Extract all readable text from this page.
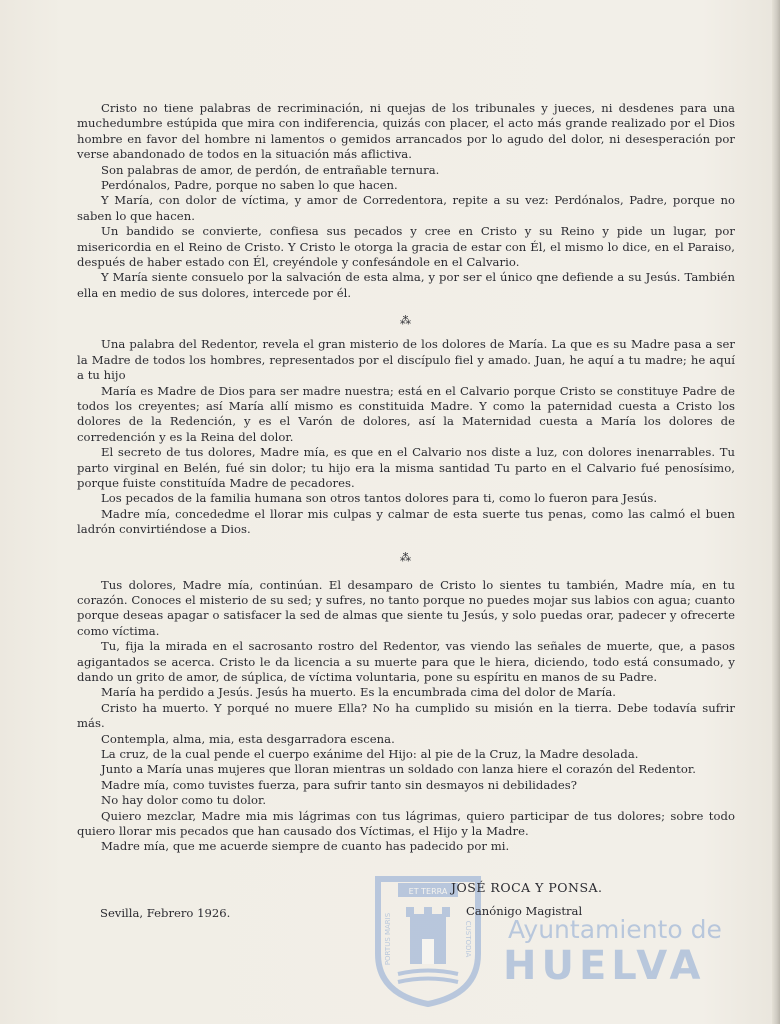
Cristo no tiene palabras de recriminación, ni quejas de los tribunales y jueces, ni desdenes para una muchedumbre estúpida que mira con indiferencia, quizás con placer, el acto más grande realizado por el Dios hombre en favor del hombre ni lamentos o gemidos arrancados por lo agudo del dolor, ni desesperación por verse abandonado de todos en la situación más aflictiva.

Son palabras de amor, de perdón, de entrañable ternura.

Perdónalos, Padre, porque no saben lo que hacen.

Y María, con dolor de víctima, y amor de Corredentora, repite a su vez: Perdónalos, Padre, porque no saben lo que hacen.

Un bandido se convierte, confiesa sus pecados y cree en Cristo y su Reino y pide un lugar, por misericordia en el Reino de Cristo. Y Cristo le otorga la gracia de estar con Él, el mismo lo dice, en el Paraiso, después de haber estado con Él, creyéndole y confesándole en el Calvario.

Y María siente consuelo por la salvación de esta alma, y por ser el único qne defiende a su Jesús. También ella en medio de sus dolores, intercede por él.

⁂

Una palabra del Redentor, revela el gran misterio de los dolores de María. La que es su Madre pasa a ser la Madre de todos los hombres, representados por el discípulo fiel y amado. Juan, he aquí a tu madre; he aquí a tu hijo

María es Madre de Dios para ser madre nuestra; está en el Calvario porque Cristo se constituye Padre de todos los creyentes; así María allí mismo es constituida Madre. Y como la paternidad cuesta a Cristo los dolores de la Redención, y es el Varón de dolores, así la Maternidad cuesta a María los dolores de corredención y es la Reina del dolor.

El secreto de tus dolores, Madre mía, es que en el Calvario nos diste a luz, con dolores inenarrables. Tu parto virginal en Belén, fué sin dolor; tu hijo era la misma santidad Tu parto en el Calvario fué penosísimo, porque fuiste constituída Madre de pecadores.

Los pecados de la familia humana son otros tantos dolores para ti, como lo fueron para Jesús.

Madre mía, concededme el llorar mis culpas y calmar de esta suerte tus penas, como las calmó el buen ladrón convirtiéndose a Dios.

⁂

Tus dolores, Madre mía, continúan. El desamparo de Cristo lo sientes tu también, Madre mía, en tu corazón. Conoces el misterio de su sed; y sufres, no tanto porque no puedes mojar sus labios con agua; cuanto porque deseas apagar o satisfacer la sed de almas que siente tu Jesús, y solo puedas orar, padecer y ofrecerte como víctima.

Tu, fija la mirada en el sacrosanto rostro del Redentor, vas viendo las señales de muerte, que, a pasos agigantados se acerca. Cristo le da licencia a su muerte para que le hiera, diciendo, todo está consumado, y dando un grito de amor, de súplica, de víctima voluntaria, pone su espíritu en manos de su Padre.

María ha perdido a Jesús. Jesús ha muerto. Es la encumbrada cima del dolor de María.

Cristo ha muerto. Y porqué no muere Ella? No ha cumplido su misión en la tierra. Debe todavía sufrir más.

Contempla, alma, mia, esta desgarradora escena.

La cruz, de la cual pende el cuerpo exánime del Hijo: al pie de la Cruz, la Madre desolada.

Junto a María unas mujeres que lloran mientras un soldado con lanza hiere el corazón del Redentor.

Madre mía, como tuvistes fuerza, para sufrir tanto sin desmayos ni debilidades?

No hay dolor como tu dolor.

Quiero mezclar, Madre mia mis lágrimas con tus lágrimas, quiero participar de tus dolores; sobre todo quiero llorar mis pecados que han causado dos Víctimas, el Hijo y la Madre.

Madre mía, que me acuerde siempre de cuanto has padecido por mi.

ET TERRA
PORTUS MARIS	CUSTODIA Ayuntamiento de
HUELVA
Sevilla, Febrero 1926.
JOSÉ ROCA Y PONSA.
Canónigo Magistral
